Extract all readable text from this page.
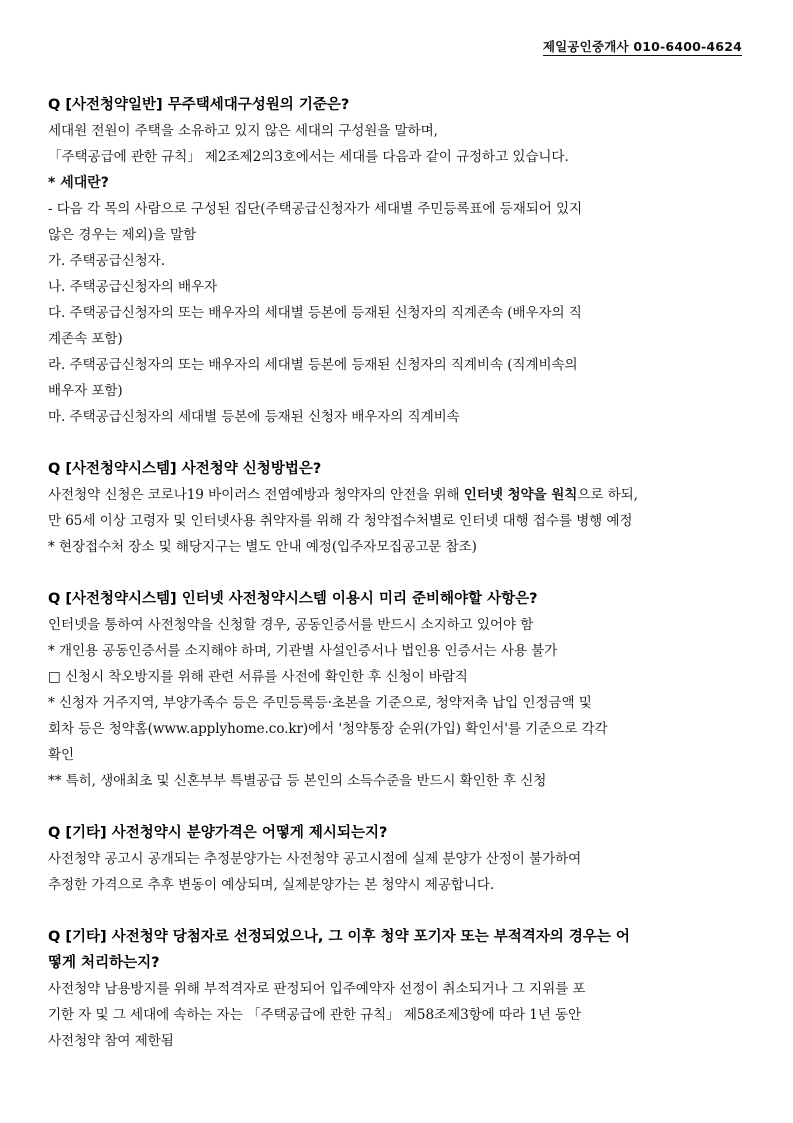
제일공인중개사 010-6400-4624

Q [사전청약일반] 무주택세대구성원의 기준은?

세대원 전원이 주택을 소유하고 있지 않은 세대의 구성원을 말하며,

「주택공급에 관한 규칙」 제2조제2의3호에서는 세대를 다음과 같이 규정하고 있습니다.

* 세대란?

- 다음 각 목의 사람으로 구성된 집단(주택공급신청자가 세대별 주민등록표에 등재되어 있지

않은 경우는 제외)을 말함

가. 주택공급신청자.

나. 주택공급신청자의 배우자

다. 주택공급신청자의 또는 배우자의 세대별 등본에 등재된 신청자의 직계존속 (배우자의 직

계존속 포함)

라. 주택공급신청자의 또는 배우자의 세대별 등본에 등재된 신청자의 직계비속 (직계비속의

배우자 포함)

마. 주택공급신청자의 세대별 등본에 등재된 신청자 배우자의 직계비속

Q [사전청약시스템] 사전청약 신청방법은?

사전청약 신청은 코로나19 바이러스 전염예방과 청약자의 안전을 위해 인터넷 청약을 원칙으로 하되,

만 65세 이상 고령자 및 인터넷사용 취약자를 위해 각 청약접수처별로 인터넷 대행 접수를 병행 예정

* 현장접수처 장소 및 해당지구는 별도 안내 예정(입주자모집공고문 참조)

Q [사전청약시스템] 인터넷 사전청약시스템 이용시 미리 준비해야할 사항은?

인터넷을 통하여 사전청약을 신청할 경우, 공동인증서를 반드시 소지하고 있어야 함

* 개인용 공동인증서를 소지해야 하며, 기관별 사설인증서나 법인용 인증서는 사용 불가

□ 신청시 착오방지를 위해 관련 서류를 사전에 확인한 후 신청이 바람직

* 신청자 거주지역, 부양가족수 등은 주민등록등·초본을 기준으로, 청약저축 납입 인정금액 및

회차 등은 청약홈(www.applyhome.co.kr)에서 '청약통장 순위(가입) 확인서'를 기준으로 각각

확인

** 특히, 생애최초 및 신혼부부 특별공급 등 본인의 소득수준을 반드시 확인한 후 신청

Q [기타] 사전청약시 분양가격은 어떻게 제시되는지?

사전청약 공고시 공개되는 추정분양가는 사전청약 공고시점에 실제 분양가 산정이 불가하여

추정한 가격으로 추후 변동이 예상되며, 실제분양가는 본 청약시 제공합니다.

Q [기타] 사전청약 당첨자로 선정되었으나, 그 이후 청약 포기자 또는 부적격자의 경우는 어

떻게 처리하는지?

사전청약 남용방지를 위해 부적격자로 판정되어 입주예약자 선정이 취소되거나 그 지위를 포

기한 자 및 그 세대에 속하는 자는 「주택공급에 관한 규칙」 제58조제3항에 따라 1년 동안

사전청약 참여 제한됨
